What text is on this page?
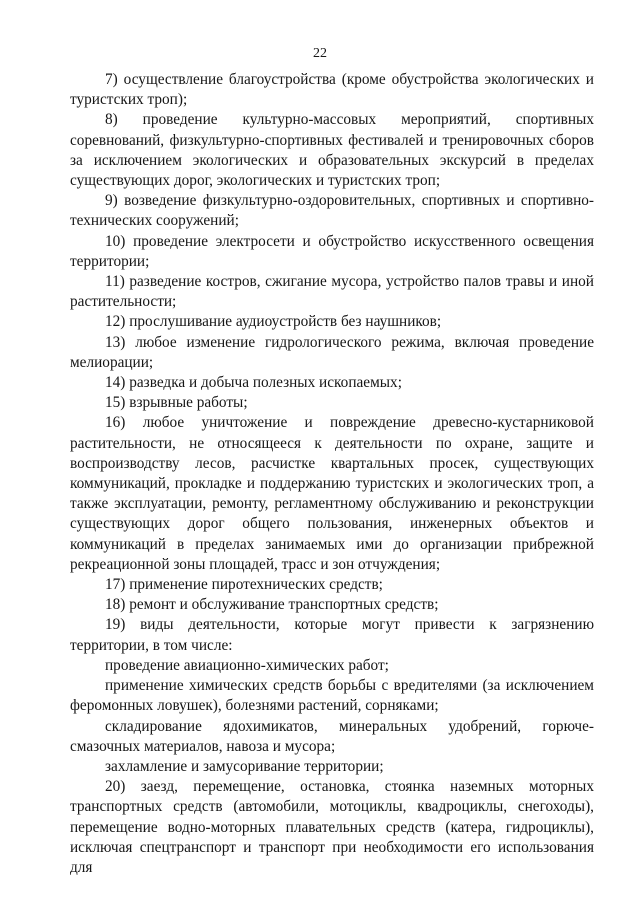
22

7) осуществление благоустройства (кроме обустройства экологических и туристских троп);

8) проведение культурно-массовых мероприятий, спортивных соревнований, физкультурно-спортивных фестивалей и тренировочных сборов за исключением экологических и образовательных экскурсий в пределах существующих дорог, экологических и туристских троп;

9) возведение физкультурно-оздоровительных, спортивных и спортивно-технических сооружений;

10) проведение электросети и обустройство искусственного освещения территории;

11) разведение костров, сжигание мусора, устройство палов травы и иной растительности;

12) прослушивание аудиоустройств без наушников;

13) любое изменение гидрологического режима, включая проведение мелиорации;

14) разведка и добыча полезных ископаемых;

15) взрывные работы;

16) любое уничтожение и повреждение древесно-кустарниковой растительности, не относящееся к деятельности по охране, защите и воспроизводству лесов, расчистке квартальных просек, существующих коммуникаций, прокладке и поддержанию туристских и экологических троп, а также эксплуатации, ремонту, регламентному обслуживанию и реконструкции существующих дорог общего пользования, инженерных объектов и коммуникаций в пределах занимаемых ими до организации прибрежной рекреационной зоны площадей, трасс и зон отчуждения;

17) применение пиротехнических средств;

18) ремонт и обслуживание транспортных средств;

19) виды деятельности, которые могут привести к загрязнению территории, в том числе:

проведение авиационно-химических работ;

применение химических средств борьбы с вредителями (за исключением феромонных ловушек), болезнями растений, сорняками;

складирование ядохимикатов, минеральных удобрений, горюче-смазочных материалов, навоза и мусора;

захламление и замусоривание территории;

20) заезд, перемещение, остановка, стоянка наземных моторных транспортных средств (автомобили, мотоциклы, квадроциклы, снегоходы), перемещение водно-моторных плавательных средств (катера, гидроциклы), исключая спецтранспорт и транспорт при необходимости его использования для
